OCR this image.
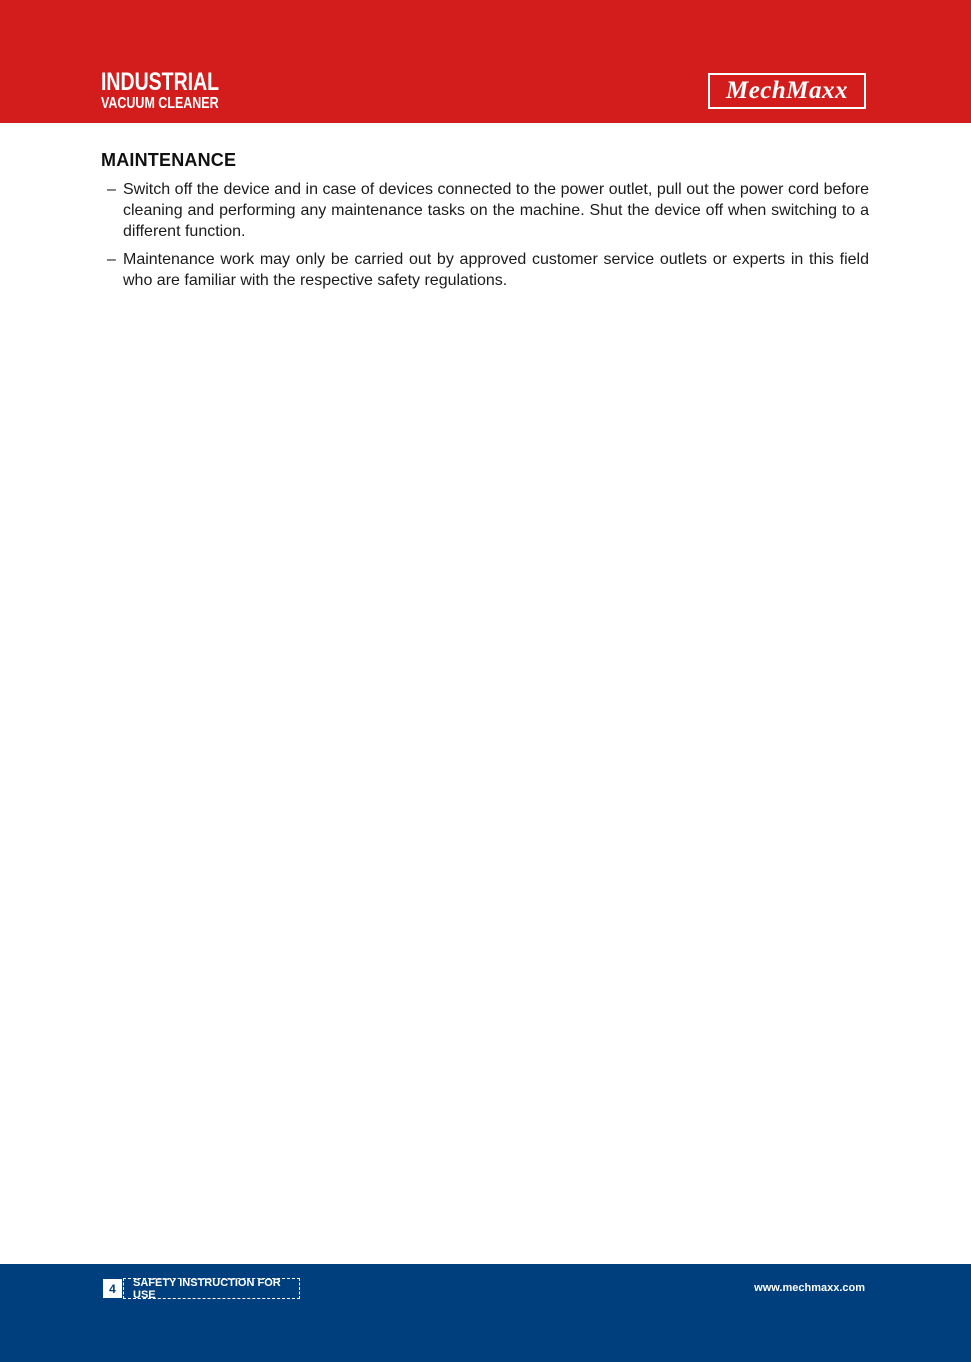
INDUSTRIAL
VACUUM CLEANER	MechMaxx
MAINTENANCE
– Switch off the device and in case of devices connected to the power outlet, pull out the power cord before cleaning and performing any maintenance tasks on the machine. Shut the device off when switching to a different function.
– Maintenance work may only be carried out by approved customer service outlets or experts in this field who are familiar with the respective safety regulations.
4	SAFETY INSTRUCTION FOR USE
www.mechmaxx.com
